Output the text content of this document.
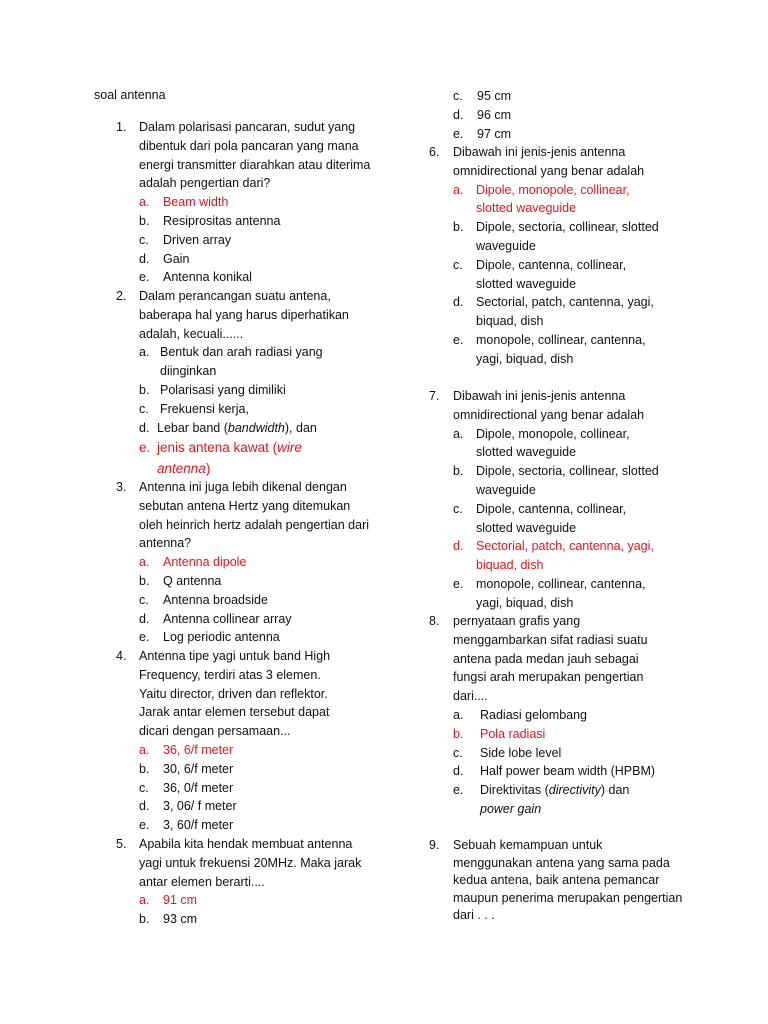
soal antenna
1. Dalam polarisasi pancaran, sudut yang dibentuk dari pola pancaran yang mana energi transmitter diarahkan atau diterima adalah pengertian dari?
a. Beam width
b. Resiprositas antenna
c. Driven array
d. Gain
e. Antenna konikal
2. Dalam perancangan suatu antena, baberapa hal yang harus diperhatikan adalah, kecuali......
a. Bentuk dan arah radiasi yang diinginkan
b. Polarisasi yang dimiliki
c. Frekuensi kerja,
d. Lebar band (bandwidth), dan
e. jenis antena kawat (wire antenna)
3. Antenna ini juga lebih dikenal dengan sebutan antena Hertz yang ditemukan oleh heinrich hertz adalah pengertian dari antenna?
a. Antenna dipole
b. Q antenna
c. Antenna broadside
d. Antenna collinear array
e. Log periodic antenna
4. Antenna tipe yagi untuk band High Frequency, terdiri atas 3 elemen. Yaitu director, driven dan reflektor. Jarak antar elemen tersebut dapat dicari dengan persamaan...
a. 36, 6/f meter
b. 30, 6/f meter
c. 36, 0/f meter
d. 3, 06/ f meter
e. 3, 60/f meter
5. Apabila kita hendak membuat antenna yagi untuk frekuensi 20MHz. Maka jarak antar elemen berarti....
a. 91 cm
b. 93 cm
c. 95 cm
d. 96 cm
e. 97 cm
6. Dibawah ini jenis-jenis antenna omnidirectional yang benar adalah
a. Dipole, monopole, collinear, slotted waveguide
b. Dipole, sectoria, collinear, slotted waveguide
c. Dipole, cantenna, collinear, slotted waveguide
d. Sectorial, patch, cantenna, yagi, biquad, dish
e. monopole, collinear, cantenna, yagi, biquad, dish
7. Dibawah ini jenis-jenis antenna omnidirectional yang benar adalah
a. Dipole, monopole, collinear, slotted waveguide
b. Dipole, sectoria, collinear, slotted waveguide
c. Dipole, cantenna, collinear, slotted waveguide
d. Sectorial, patch, cantenna, yagi, biquad, dish
e. monopole, collinear, cantenna, yagi, biquad, dish
8. pernyataan grafis yang menggambarkan sifat radiasi suatu antena pada medan jauh sebagai fungsi arah merupakan pengertian dari....
a. Radiasi gelombang
b. Pola radiasi
c. Side lobe level
d. Half power beam width (HPBM)
e. Direktivitas (directivity) dan power gain
9. Sebuah kemampuan untuk menggunakan antena yang sama pada kedua antena, baik antena pemancar maupun penerima merupakan pengertian dari . . .
